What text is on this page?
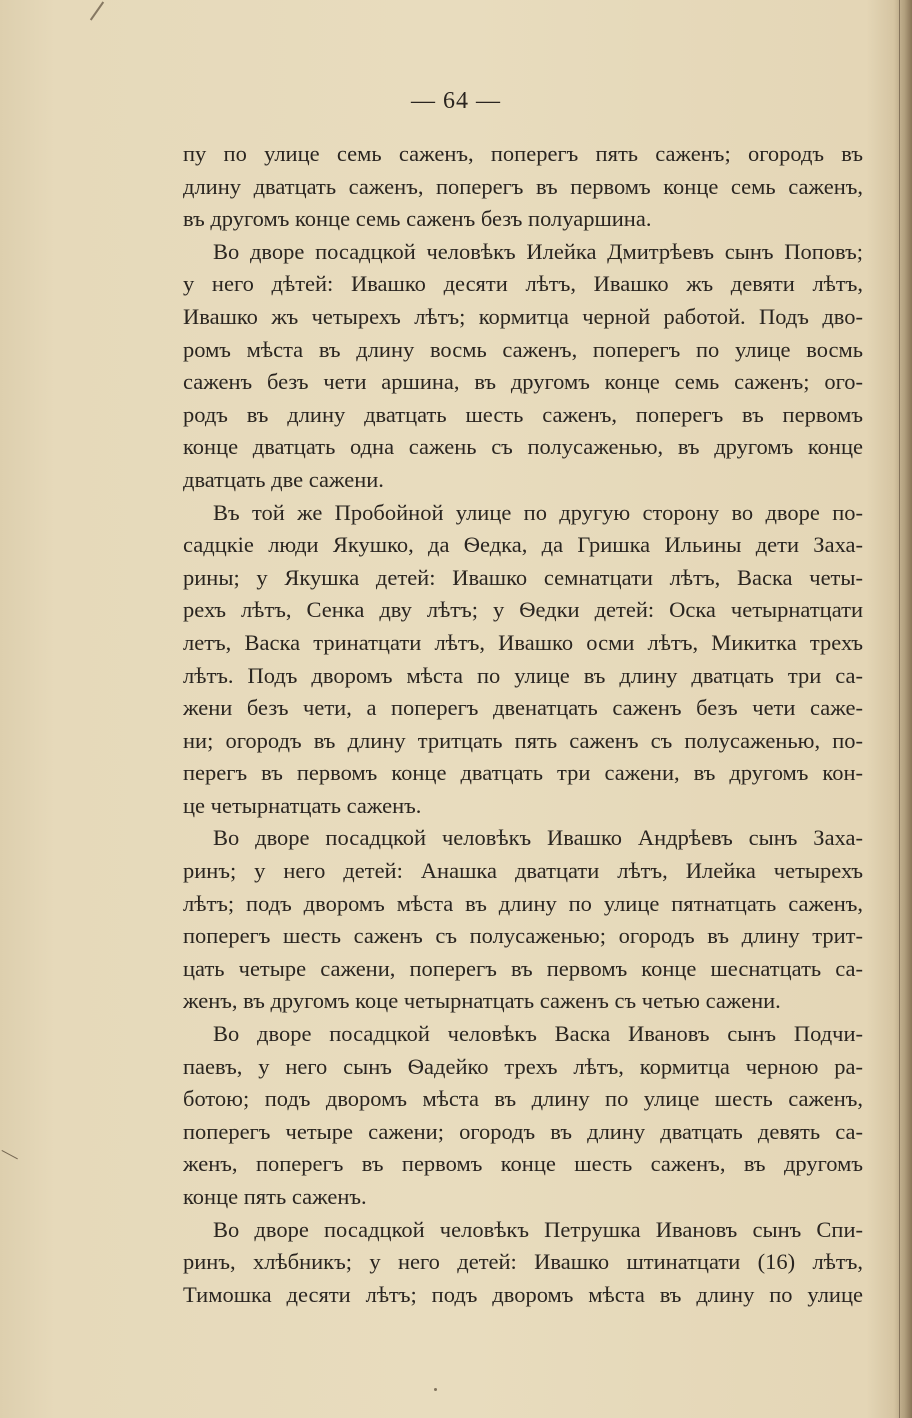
— 64 —
пу по улице семь саженъ, поперегъ пять саженъ; огородъ въ
длину дватцать саженъ, поперегъ въ первомъ конце семь саженъ,
въ другомъ конце семь саженъ безъ полуаршина.
Во дворе посадцкой человѣкъ Илейка Дмитрѣевъ сынъ Поповъ;
у него дѣтей: Ивашко десяти лѣтъ, Ивашко жъ девяти лѣтъ,
Ивашко жъ четырехъ лѣтъ; кормитца черной работой. Подъ дво-
ромъ мѣста въ длину восмь саженъ, поперегъ по улице восмь
саженъ безъ чети аршина, въ другомъ конце семь саженъ; ого-
родъ въ длину дватцать шесть саженъ, поперегъ въ первомъ
конце дватцать одна сажень съ полусаженью, въ другомъ конце
дватцать две сажени.
Въ той же Пробойной улице по другую сторону во дворе по-
садцкіе люди Якушко, да Ѳедка, да Гришка Ильины дети Заха-
рины; у Якушка детей: Ивашко семнатцати лѣтъ, Васка четы-
рехъ лѣтъ, Сенка дву лѣтъ; у Ѳедки детей: Оска четырнатцати
летъ, Васка тринатцати лѣтъ, Ивашко осми лѣтъ, Микитка трехъ
лѣтъ. Подъ дворомъ мѣста по улице въ длину дватцать три са-
жени безъ чети, а поперегъ двенатцать саженъ безъ чети саже-
ни; огородъ въ длину тритцать пять саженъ съ полусаженью, по-
перегъ въ первомъ конце дватцать три сажени, въ другомъ кон-
це четырнатцать саженъ.
Во дворе посадцкой человѣкъ Ивашко Андрѣевъ сынъ Заха-
ринъ; у него детей: Анашка дватцати лѣтъ, Илейка четырехъ
лѣтъ; подъ дворомъ мѣста въ длину по улице пятнатцать саженъ,
поперегъ шесть саженъ съ полусаженью; огородъ въ длину трит-
цать четыре сажени, поперегъ въ первомъ конце шеснатцать са-
женъ, въ другомъ коце четырнатцать саженъ съ четью сажени.
Во дворе посадцкой человѣкъ Васка Ивановъ сынъ Подчи-
паевъ, у него сынъ Ѳадейко трехъ лѣтъ, кормитца черною ра-
ботою; подъ дворомъ мѣста въ длину по улице шесть саженъ,
поперегъ четыре сажени; огородъ въ длину дватцать девять са-
женъ, поперегъ въ первомъ конце шесть саженъ, въ другомъ
конце пять саженъ.
Во дворе посадцкой человѣкъ Петрушка Ивановъ сынъ Спи-
ринъ, хлѣбникъ; у него детей: Ивашко штинатцати (16) лѣтъ,
Тимошка десяти лѣтъ; подъ дворомъ мѣста въ длину по улице
